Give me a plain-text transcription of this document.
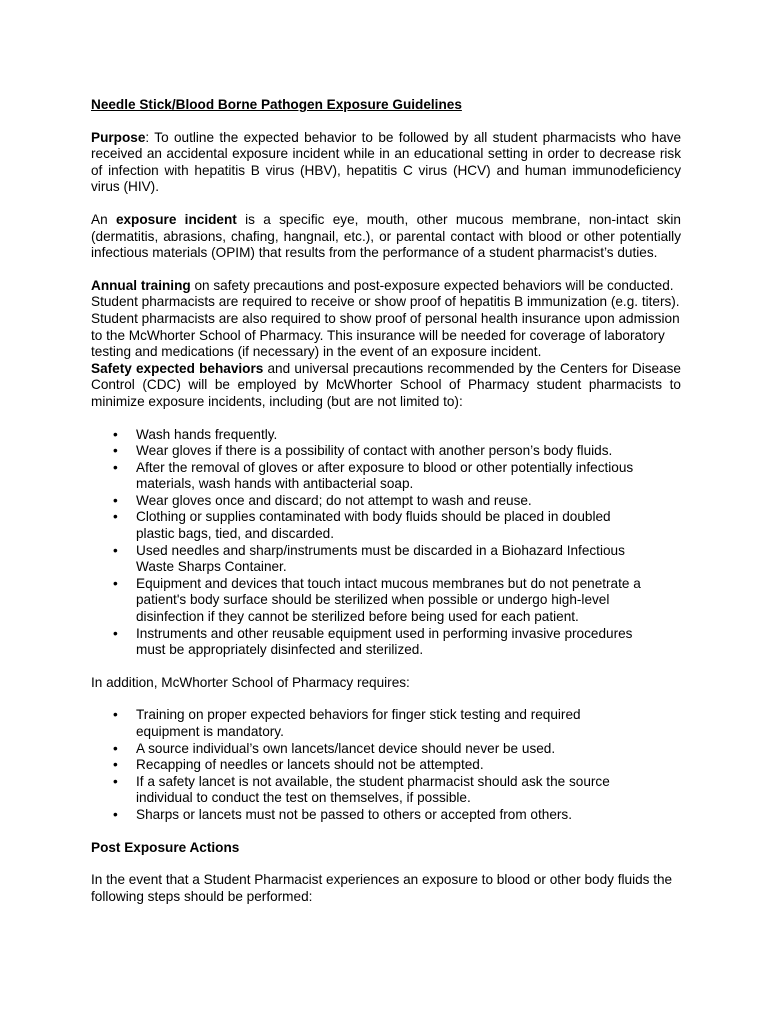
Needle Stick/Blood Borne Pathogen Exposure Guidelines

Purpose: To outline the expected behavior to be followed by all student pharmacists who have received an accidental exposure incident while in an educational setting in order to decrease risk of infection with hepatitis B virus (HBV), hepatitis C virus (HCV) and human immunodeficiency virus (HIV).

An exposure incident is a specific eye, mouth, other mucous membrane, non-intact skin (dermatitis, abrasions, chafing, hangnail, etc.), or parental contact with blood or other potentially infectious materials (OPIM) that results from the performance of a student pharmacist’s duties.

Annual training on safety precautions and post-exposure expected behaviors will be conducted. Student pharmacists are required to receive or show proof of hepatitis B immunization (e.g. titers). Student pharmacists are also required to show proof of personal health insurance upon admission to the McWhorter School of Pharmacy. This insurance will be needed for coverage of laboratory testing and medications (if necessary) in the event of an exposure incident.

Safety expected behaviors and universal precautions recommended by the Centers for Disease Control (CDC) will be employed by McWhorter School of Pharmacy student pharmacists to minimize exposure incidents, including (but are not limited to):

• Wash hands frequently.
• Wear gloves if there is a possibility of contact with another person’s body fluids.
• After the removal of gloves or after exposure to blood or other potentially infectious materials, wash hands with antibacterial soap.
• Wear gloves once and discard; do not attempt to wash and reuse.
• Clothing or supplies contaminated with body fluids should be placed in doubled plastic bags, tied, and discarded.
• Used needles and sharp/instruments must be discarded in a Biohazard Infectious Waste Sharps Container.
• Equipment and devices that touch intact mucous membranes but do not penetrate a patient's body surface should be sterilized when possible or undergo high-level disinfection if they cannot be sterilized before being used for each patient.
• Instruments and other reusable equipment used in performing invasive procedures must be appropriately disinfected and sterilized.

In addition, McWhorter School of Pharmacy requires:

• Training on proper expected behaviors for finger stick testing and required equipment is mandatory.
• A source individual’s own lancets/lancet device should never be used.
• Recapping of needles or lancets should not be attempted.
• If a safety lancet is not available, the student pharmacist should ask the source individual to conduct the test on themselves, if possible.
• Sharps or lancets must not be passed to others or accepted from others.
Post Exposure Actions

In the event that a Student Pharmacist experiences an exposure to blood or other body fluids the following steps should be performed:
